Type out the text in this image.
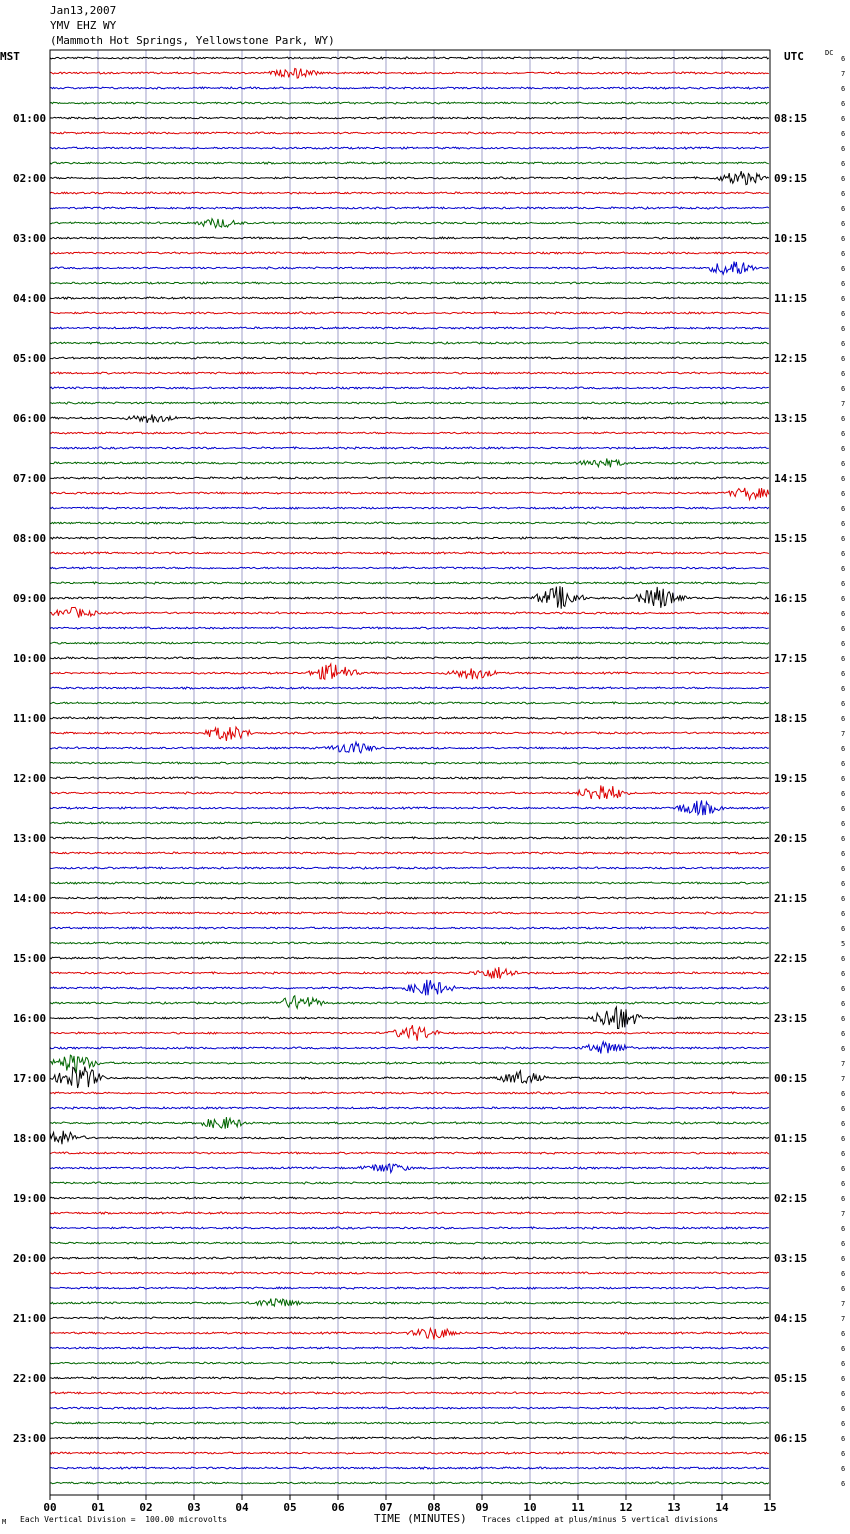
Jan13,2007
YMV EHZ WY
(Mammoth Hot Springs, Yellowstone Park, WY)
MST	UTC	DC
6
7
6
6
6
6
6
6
6
6
6
6
6
6
6
6
6
6
6
6
6
6
6
7
6
6
6
6
6
6
6
6
6
6
6
6
6
6
6
6
6
6
6
6
6
7
6
6
6
6
6
6
6
6
6
6
6
6
6
5
6
6
6
6
6
6
6
7
7
6
6
6
6
6
6
6
6
7
6
6
6
6
6
7
7
6
6
6
6
6
6
6
6
6
6
6
01:00
02:00
03:00
04:00
05:00
06:00
07:00
08:00
09:00
10:00
11:00
12:00
13:00
14:00
15:00
16:00
17:00
18:00
19:00
20:00
21:00
22:00
23:00
08:15
09:15
10:15
11:15
12:15
13:15
14:15
15:15
16:15
17:15
18:15
19:15
20:15
21:15
22:15
23:15
00:15
01:15
02:15
03:15
04:15
05:15
06:15
00	01	02	03	04	05	06	07	08	09	10	11	12	13	14	15
M Each Vertical Division =  100.00 microvolts	TIME (MINUTES) Traces clipped at plus/minus 5 vertical divisions
